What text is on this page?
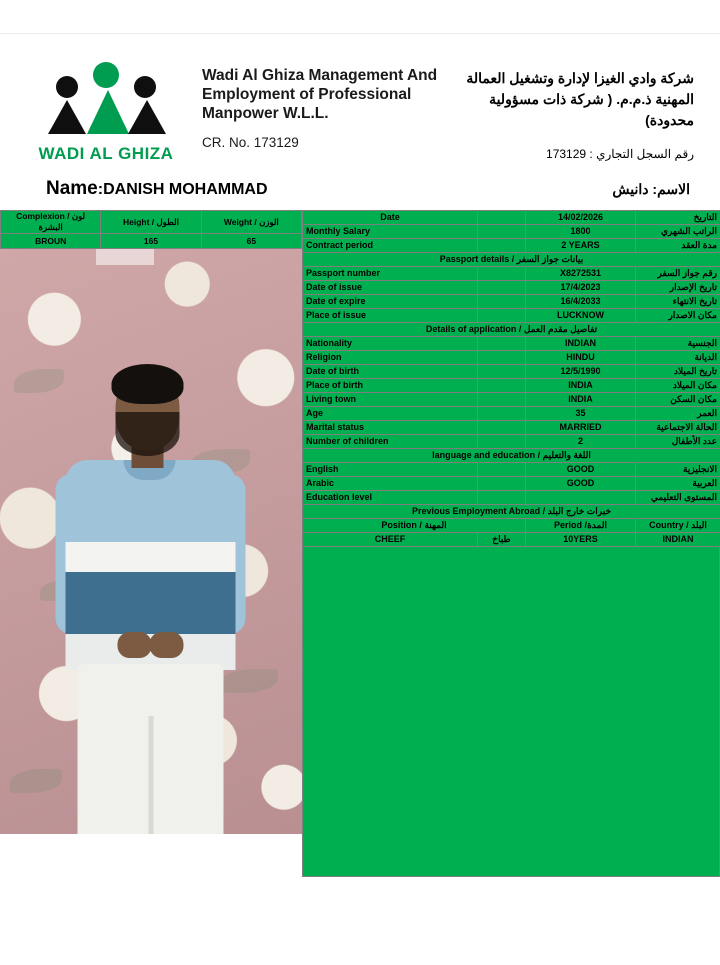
WADI AL GHIZA
Wadi Al Ghiza Management And
Employment of Professional
Manpower W.L.L.
CR. No. 173129
شركة وادي الغيزا لإدارة وتشغيل العمالة
المهنية ذ.م.م. ( شركة ذات مسؤولية
محدودة)
رقم السجل التجاري : 173129
Name:DANISH MOHAMMAD	الاسم: دانيش
Complexion / لون البشرة	Height / الطول	Weight / الوزن
BROUN	165	65
Date		14/02/2026	التاريخ
Monthly Salary		1800	الراتب الشهري
Contract period		2 YEARS	مدة العقد
Passport details / بيانات جواز السفر			
Passport number		X8272531	رقم جواز السفر
Date of issue		17/4/2023	تاريخ الإصدار
Date of expire		16/4/2033	تاريخ الانتهاء
Place of issue		LUCKNOW	مكان الاصدار
Details of application / تفاصيل مقدم العمل			
Nationality		INDIAN	الجنسية
Religion		HINDU	الديانة
Date of birth		12/5/1990	تاريخ الميلاد
Place of birth		INDIA	مكان الميلاد
Living town		INDIA	مكان السكن
Age		35	العمر
Marital status		MARRIED	الحالة الاجتماعية
Number of children		2	عدد الأطفال
language and education / اللغة والتعليم			
English		GOOD	الانجليزية
Arabic		GOOD	العربية
Education level			المستوى التعليمي
Previous Employment Abroad / خبرات خارج البلد			
Position / المهنة		Period /المدة	Country / البلد
CHEEF	طباخ	10YERS	INDIAN
